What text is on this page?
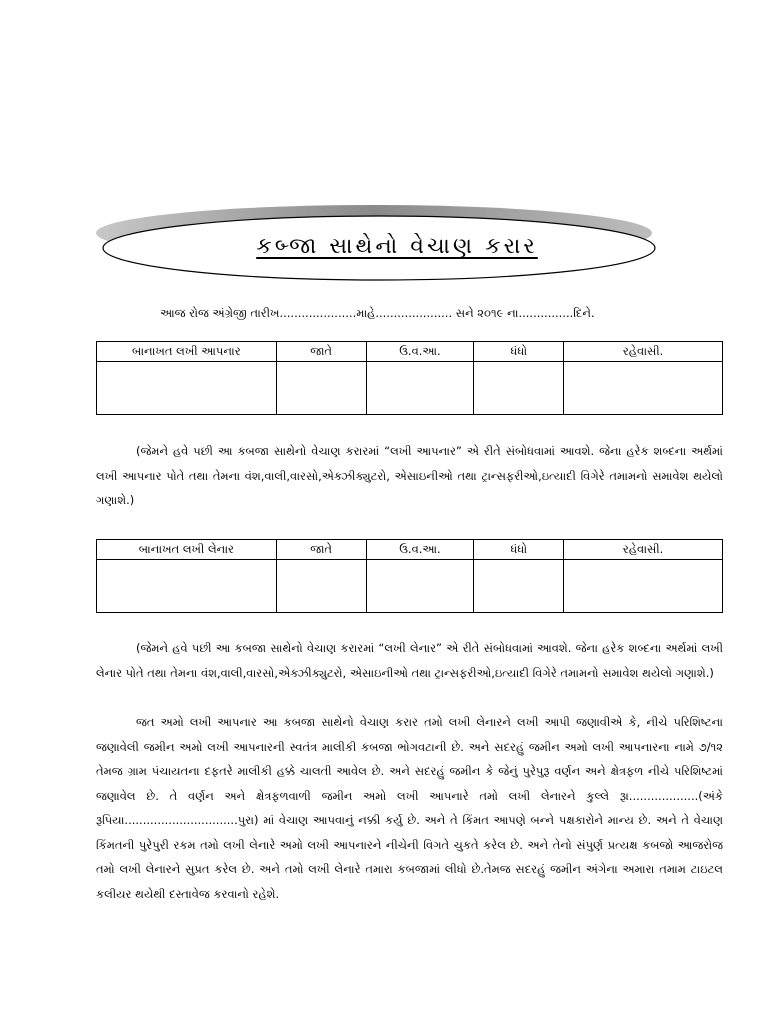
કબ્જા સાથેનો વેચાણ કરાર
આજ રોજ અંગ્રેજી તારીખ.....................માહે..................... સને ૨૦૧૯ ના...............દિને.
બાનાખત લખી આપનાર	જાતે	ઉ.વ.આ.	ધંધો	રહેવાસી.

(જેમને હવે પછી આ કબજા સાથેનો વેચાણ કરારમાં “લખી આપનાર” એ રીતે સંબોધવામાં આવશે. જેના હરેક શબ્દના અર્થમાં લખી આપનાર પોતે તથા તેમના વંશ,વાલી,વારસો,એક્ઝીક્યુટરો, એસાઇનીઓ તથા ટ્રાન્સફરીઓ,ઇત્યાદી વિગેરે તમામનો સમાવેશ થયેલો ગણાશે.)

બાનાખત લખી લેનાર	જાતે	ઉ.વ.આ.	ધંધો	રહેવાસી.

(જેમને હવે પછી આ કબજા સાથેનો વેચાણ કરારમાં “લખી લેનાર” એ રીતે સંબોધવામાં આવશે. જેના હરેક શબ્દના અર્થમાં લખી લેનાર પોતે તથા તેમના વંશ,વાલી,વારસો,એક્ઝીક્યુટરો, એસાઇનીઓ તથા ટ્રાન્સફરીઓ,ઇત્યાદી વિગેરે તમામનો સમાવેશ થયેલો ગણાશે.)

જત અમો લખી આપનાર આ કબજા સાથેનો વેચાણ કરાર તમો લખી લેનારને લખી આપી જણાવીએ કે, નીચે પરિશિષ્ટના જણાવેલી જમીન અમો લખી આપનારની સ્વતંત્ર માલીકી કબજા ભોગવટાની છે. અને સદરહું જમીન અમો લખી આપનારના નામે ૭/૧૨ તેમજ ગ્રામ પંચાયતના દફતરે માલીકી હક્કે ચાલતી આવેલ છે. અને સદરહું જમીન કે જેનું પુરેપુરૂ વર્ણન અને ક્ષેત્રફળ નીચે પરિશિષ્ટમાં જણાવેલ છે. તે વર્ણન અને ક્ષેત્રફળવાળી જમીન અમો લખી આપનારે તમો લખી લેનારને કુલ્લે રૂા...................(અંકે રૂપિયા...............................પુરા) માં વેચાણ આપવાનું નક્કી કર્યુ છે. અને તે કિંમત આપણે બન્ને પક્ષકારોને માન્ય છે. અને તે વેચાણ કિંમતની પુરેપુરી રકમ તમો લખી લેનારે અમો લખી આપનારને નીચેની વિગતે ચુકતે કરેલ છે. અને તેનો સંપુર્ણ પ્રત્યક્ષ કબજો આજરોજ તમો લખી લેનારને સુપ્રત કરેલ છે. અને તમો લખી લેનારે તમારા કબજામાં લીધો છે.તેમજ સદરહું જમીન અંગેના અમારા તમામ ટાઇટલ કલીયર થયેથી દસ્તાવેજ કરવાનો રહેશે.
